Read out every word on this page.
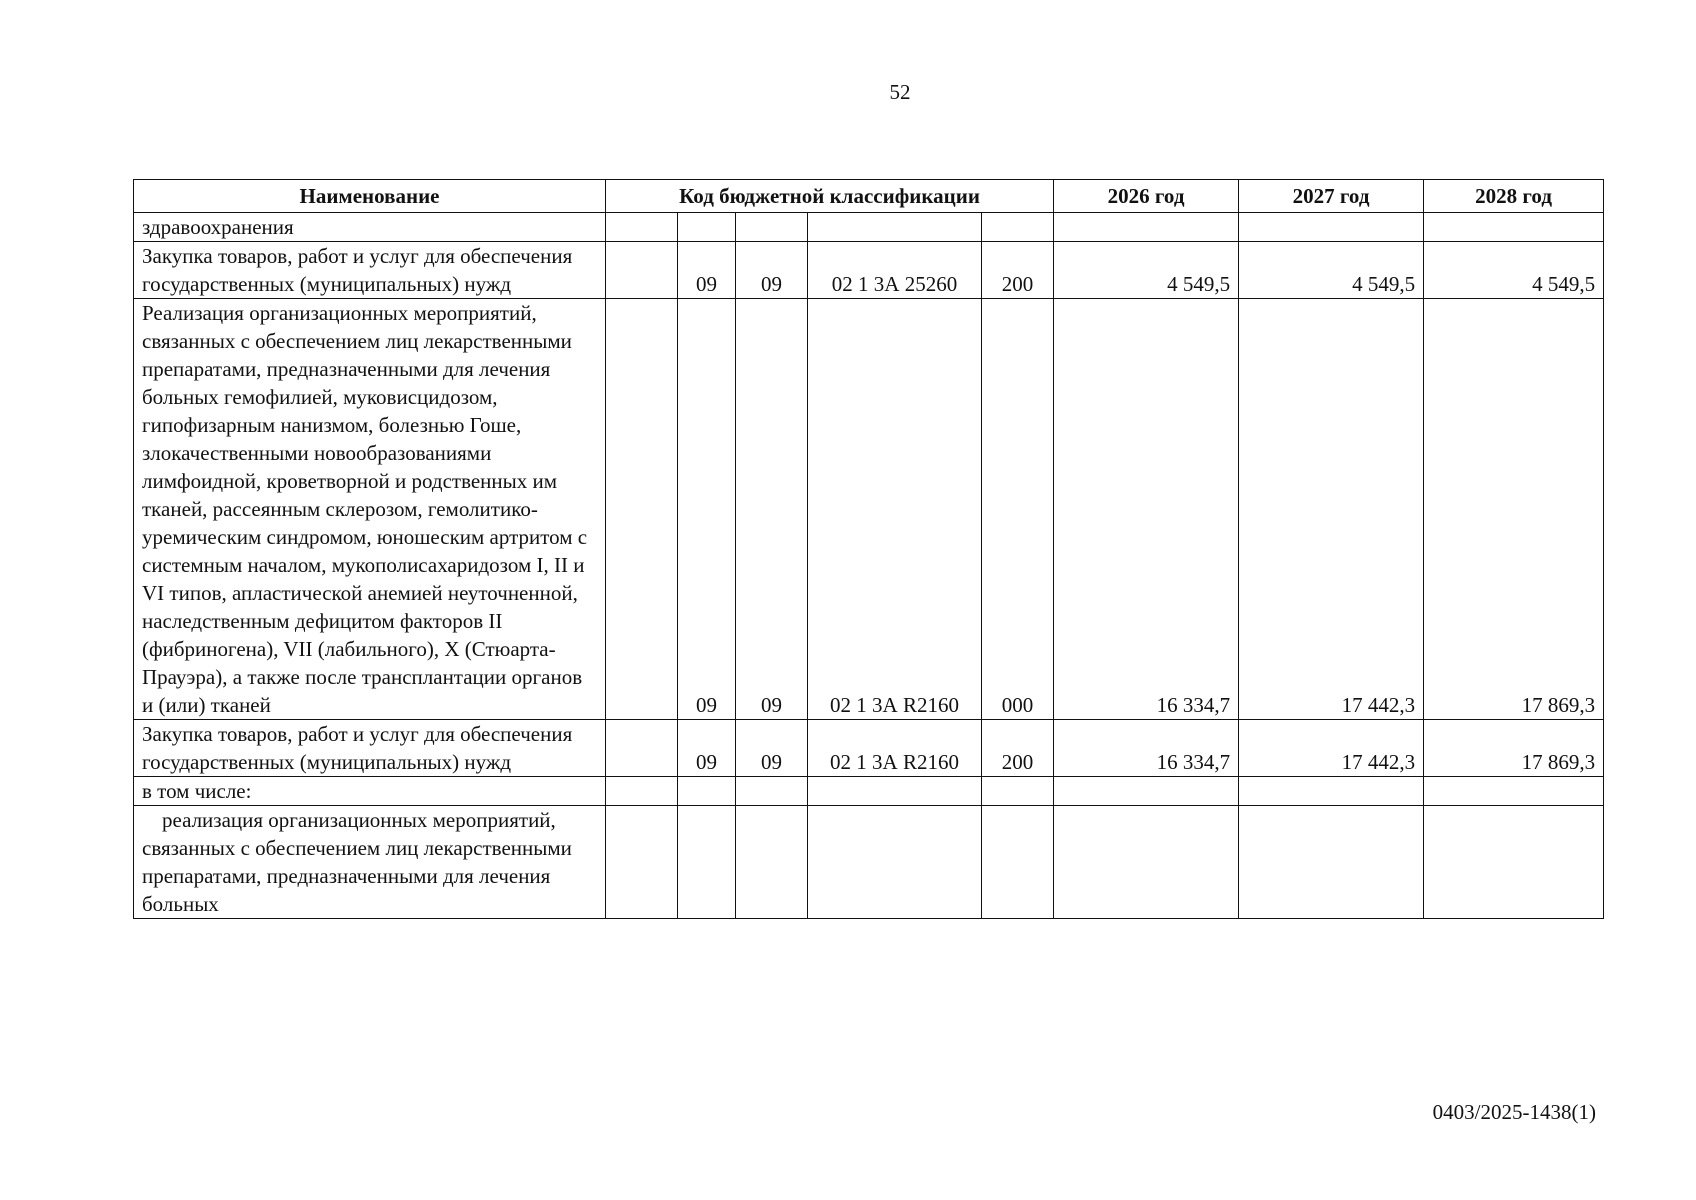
52
Наименование	Код бюджетной классификации					2026 год	2027 год	2028 год
здравоохранения								
Закупка товаров, работ и услуг для обеспечения государственных (муниципальных) нужд		09	09	02 1 3А 25260	200	4 549,5	4 549,5	4 549,5
Реализация организационных мероприятий, связанных с обеспечением лиц лекарственными препаратами, предназначенными для лечения больных гемофилией, муковисцидозом, гипофизарным нанизмом, болезнью Гоше, злокачественными новообразованиями лимфоидной, кроветворной и родственных им тканей, рассеянным склерозом, гемолитико-уремическим синдромом, юношеским артритом с системным началом, мукополисахаридозом I, II и VI типов, апластической анемией неуточненной, наследственным дефицитом факторов II (фибриногена), VII (лабильного), X (Стюарта-Прауэра), а также после трансплантации органов и (или) тканей		09	09	02 1 3А R2160	000	16 334,7	17 442,3	17 869,3
Закупка товаров, работ и услуг для обеспечения государственных (муниципальных) нужд		09	09	02 1 3А R2160	200	16 334,7	17 442,3	17 869,3
в том числе:								
реализация организационных мероприятий, связанных с обеспечением лиц лекарственными препаратами, предназначенными для лечения больных								
0403/2025-1438(1)
